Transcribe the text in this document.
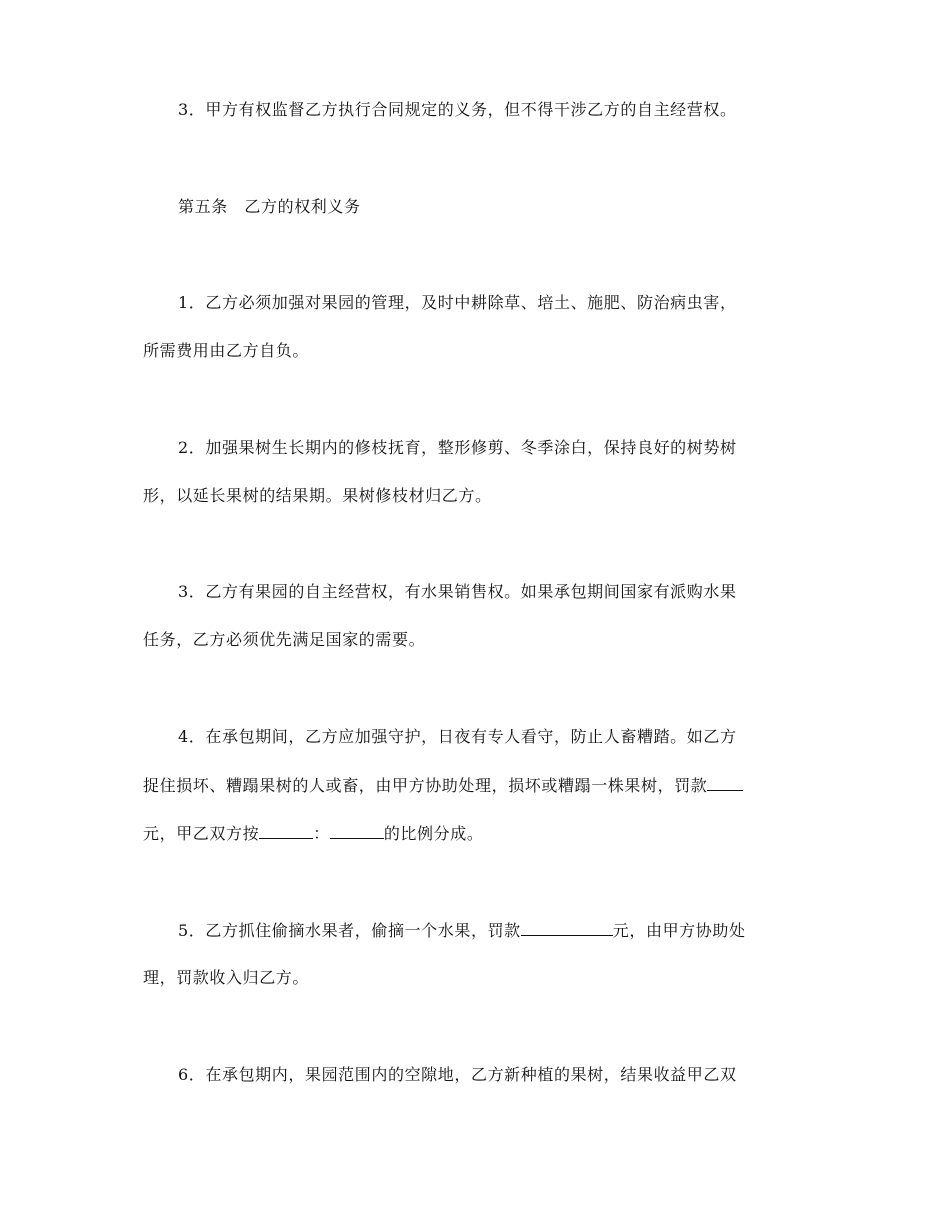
3．甲方有权监督乙方执行合同规定的义务，但不得干涉乙方的自主经营权。
第五条　乙方的权利义务
1．乙方必须加强对果园的管理，及时中耕除草、培土、施肥、防治病虫害，
所需费用由乙方自负。
2．加强果树生长期内的修枝抚育，整形修剪、冬季涂白，保持良好的树势树
形，以延长果树的结果期。果树修枝材归乙方。
3．乙方有果园的自主经营权，有水果销售权。如果承包期间国家有派购水果
任务，乙方必须优先满足国家的需要。
4．在承包期间，乙方应加强守护，日夜有专人看守，防止人畜糟踏。如乙方
捉住损坏、糟蹋果树的人或畜，由甲方协助处理，损坏或糟蹋一株果树，罚款
元，甲乙双方按	：	的比例分成。
5．乙方抓住偷摘水果者，偷摘一个水果，罚款	元，由甲方协助处
理，罚款收入归乙方。
6．在承包期内，果园范围内的空隙地，乙方新种植的果树，结果收益甲乙双
